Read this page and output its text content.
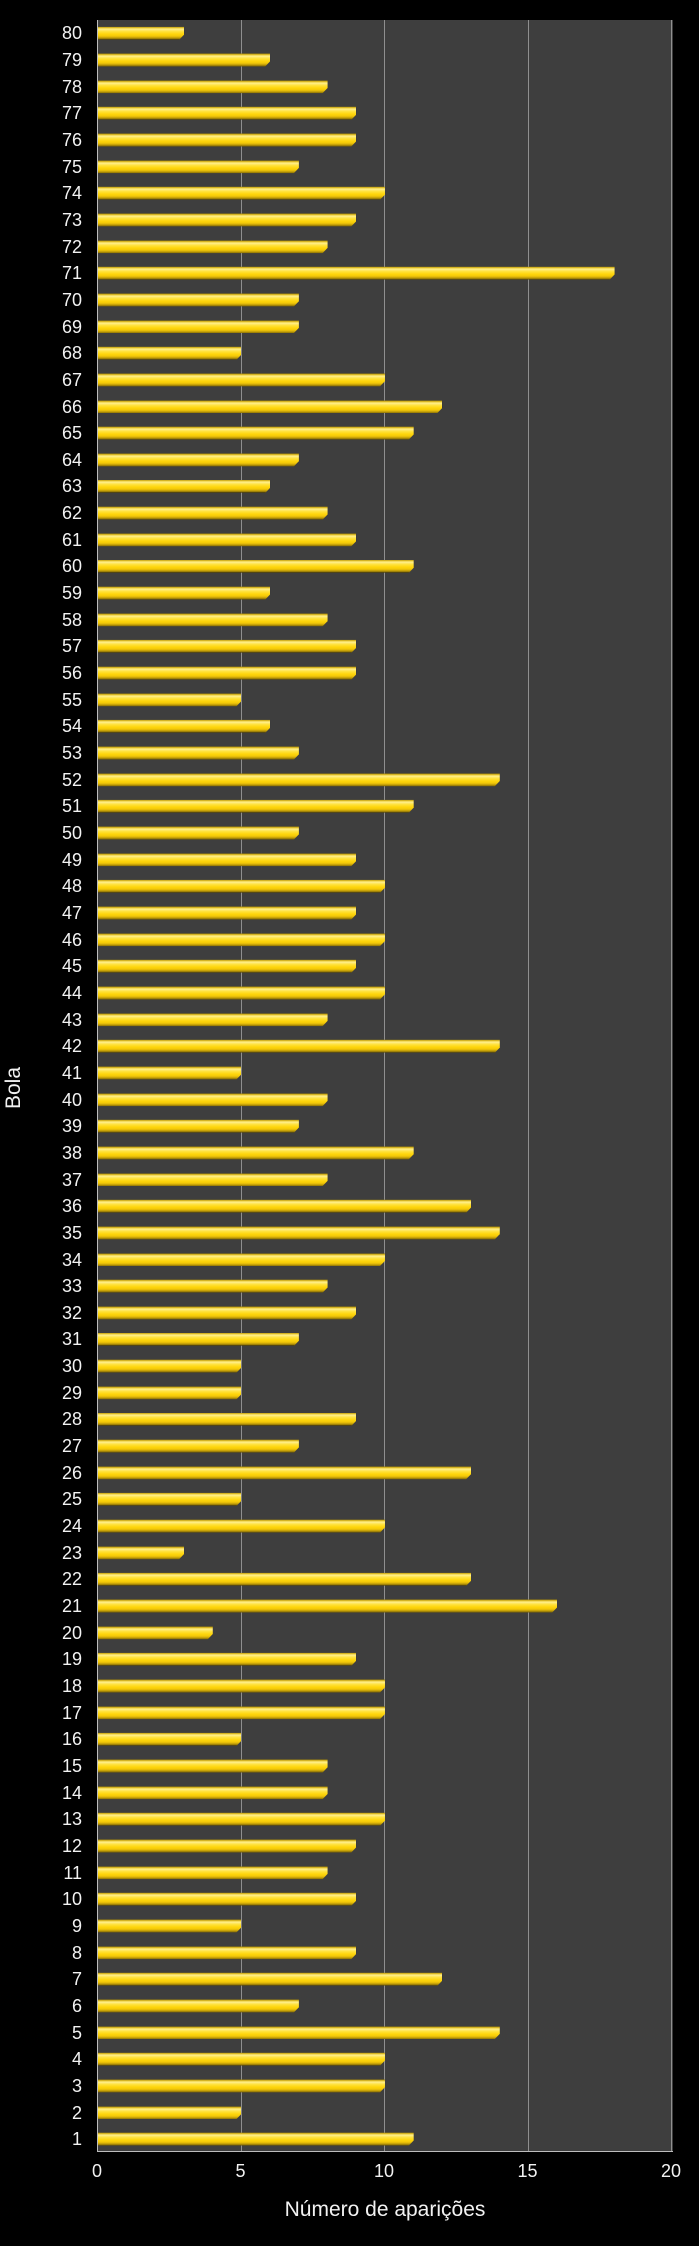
80
79
78
77
76
75
74
73
72
71
70
69
68
67
66
65
64
63
62
61
60
59
58
57
56
55
54
53
52
51
50
49
48
47
46
45
44
43
42
41
40
39
38
37
36
35
34
33
32
31
30
29
28
27
26
25
24
23
22
21
20
19
18
17
16
15
14
13
12
11
10
9
8
7
6
5
4
3
2
1
0	5	10	15	20
Número de aparições
Bola
